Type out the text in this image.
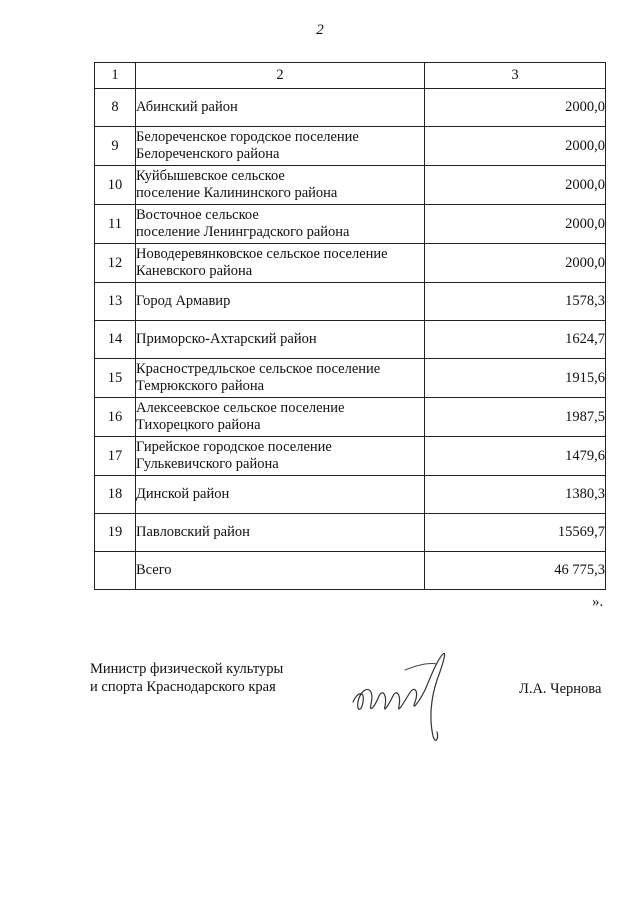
2
1	2	3
8	Абинский район	2000,0
9	Белореченское городское поселение
Белореченского района	2000,0
10	Куйбышевское сельское
поселение Калининского района	2000,0
11	Восточное сельское
поселение Ленинградского района	2000,0
12	Новодеревянковское сельское поселение
Каневского района	2000,0
13	Город Армавир	1578,3
14	Приморско-Ахтарский район	1624,7
15	Красностредльское сельское поселение
Темрюкского района	1915,6
16	Алексеевское сельское поселение
Тихорецкого района	1987,5
17	Гирейское городское поселение
Гулькевичского района	1479,6
18	Динской район	1380,3
19	Павловский район	15569,7

	Всего	46 775,3
».
Министр физической культуры
и спорта Краснодарского края	Л.А. Чернова
